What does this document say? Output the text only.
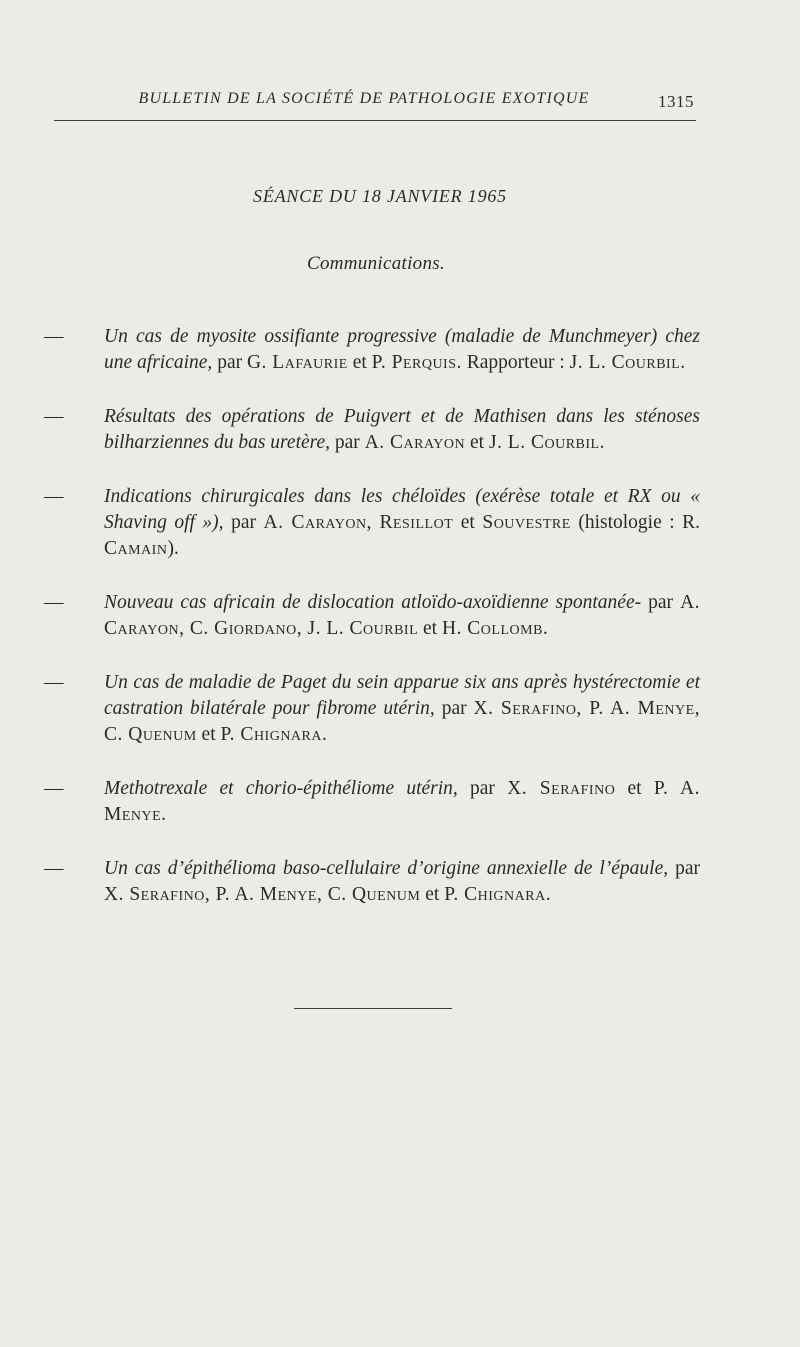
BULLETIN DE LA SOCIÉTÉ DE PATHOLOGIE EXOTIQUE	1315
SÉANCE DU 18 JANVIER 1965
Communications.

— Un cas de myosite ossifiante progressive (maladie de Munchmeyer) chez une africaine, par G. Lafaurie et P. Perquis. Rapporteur : J. L. Courbil.

— Résultats des opérations de Puigvert et de Mathisen dans les sténoses bilharziennes du bas uretère, par A. Carayon et J. L. Courbil.

— Indications chirurgicales dans les chéloïdes (exérèse totale et RX ou « Shaving off »), par A. Carayon, Resillot et Souvestre (histologie : R. Camain).

— Nouveau cas africain de dislocation atloïdo-axoïdienne spontanée- par A. Carayon, C. Giordano, J. L. Courbil et H. Collomb.

— Un cas de maladie de Paget du sein apparue six ans après hystérectomie et castration bilatérale pour fibrome utérin, par X. Serafino, P. A. Menye, C. Quenum et P. Chignara.

— Methotrexale et chorio-épithéliome utérin, par X. Serafino et P. A. Menye.

— Un cas d’épithélioma baso-cellulaire d’origine annexielle de l’épaule, par X. Serafino, P. A. Menye, C. Quenum et P. Chignara.
